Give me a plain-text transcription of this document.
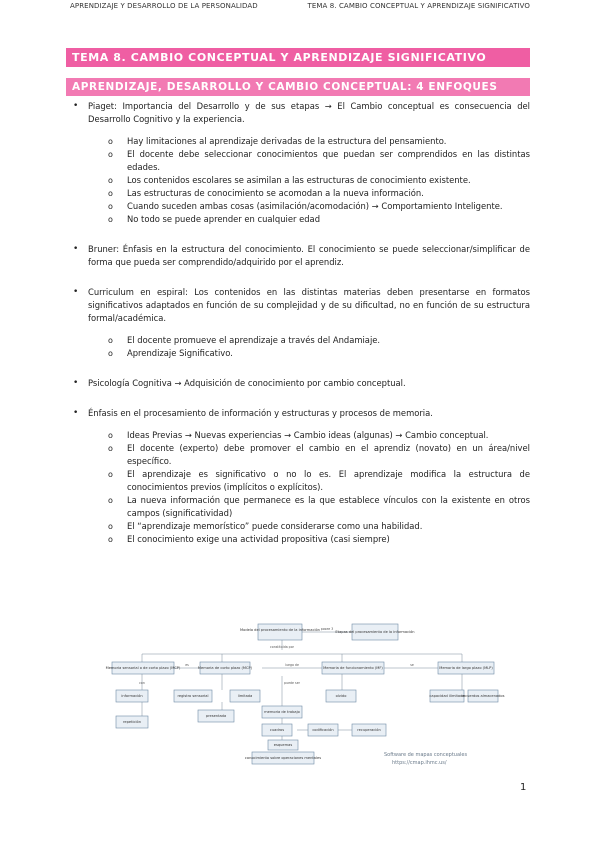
APRENDIZAJE Y DESARROLLO DE LA PERSONALIDAD	TEMA 8. CAMBIO CONCEPTUAL Y APRENDIZAJE SIGNIFICATIVO
TEMA 8. CAMBIO CONCEPTUAL Y APRENDIZAJE SIGNIFICATIVO
APRENDIZAJE, DESARROLLO Y CAMBIO CONCEPTUAL: 4 ENFOQUES
• Piaget: Importancia del Desarrollo y de sus etapas → El Cambio conceptual es consecuencia del Desarrollo Cognitivo y la experiencia.
o Hay limitaciones al aprendizaje derivadas de la estructura del pensamiento.
o El docente debe seleccionar conocimientos que puedan ser comprendidos en las distintas edades.
o Los contenidos escolares se asimilan a las estructuras de conocimiento existente.
o Las estructuras de conocimiento se acomodan a la nueva información.
o Cuando suceden ambas cosas (asimilación/acomodación) → Comportamiento Inteligente.
o No todo se puede aprender en cualquier edad
• Bruner: Énfasis en la estructura del conocimiento. El conocimiento se puede seleccionar/simplificar de forma que pueda ser comprendido/adquirido por el aprendiz.
• Curriculum en espiral: Los contenidos en las distintas materias deben presentarse en formatos significativos adaptados en función de su complejidad y de su dificultad, no en función de su estructura formal/académica.
o El docente promueve el aprendizaje a través del Andamiaje.
o Aprendizaje Significativo.
• Psicología Cognitiva → Adquisición de conocimiento por cambio conceptual.
• Énfasis en el procesamiento de información y estructuras y procesos de memoria.
o Ideas Previas → Nuevas experiencias → Cambio ideas (algunas) → Cambio conceptual.
o El docente (experto) debe promover el cambio en el aprendiz (novato) en un área/nivel específico.
o El aprendizaje es significativo o no lo es. El aprendizaje modifica la estructura de conocimientos previos (implícitos o explícitos).
o La nueva información que permanece es la que establece vínculos con la existente en otros campos (significatividad)
o El “aprendizaje memorístico” puede considerarse como una habilidad.
o El conocimiento exige una actividad propositiva (casi siempre)
posee 3
constituida por
es	luego de	se
puede ser
con
Modelo del procesamiento de la información	Etapas del procesamiento de la información
Memoria sensorial o de corto plazo (MCP)	Memoria de corto plazo (MCP)	Memoria de funcionamiento (MF)	Memoria de largo plazo (MLP)
registro sensorial
información
presentada
limitada
repetición
memoria de trabajo
capacidad ilimitada
recuerdos almacenados
olvido
codificación	recuperación
cuadros
esquemas
conocimiento sobre operaciones mentales	Software de mapas conceptuales
https://cmap.ihmc.us/
1
